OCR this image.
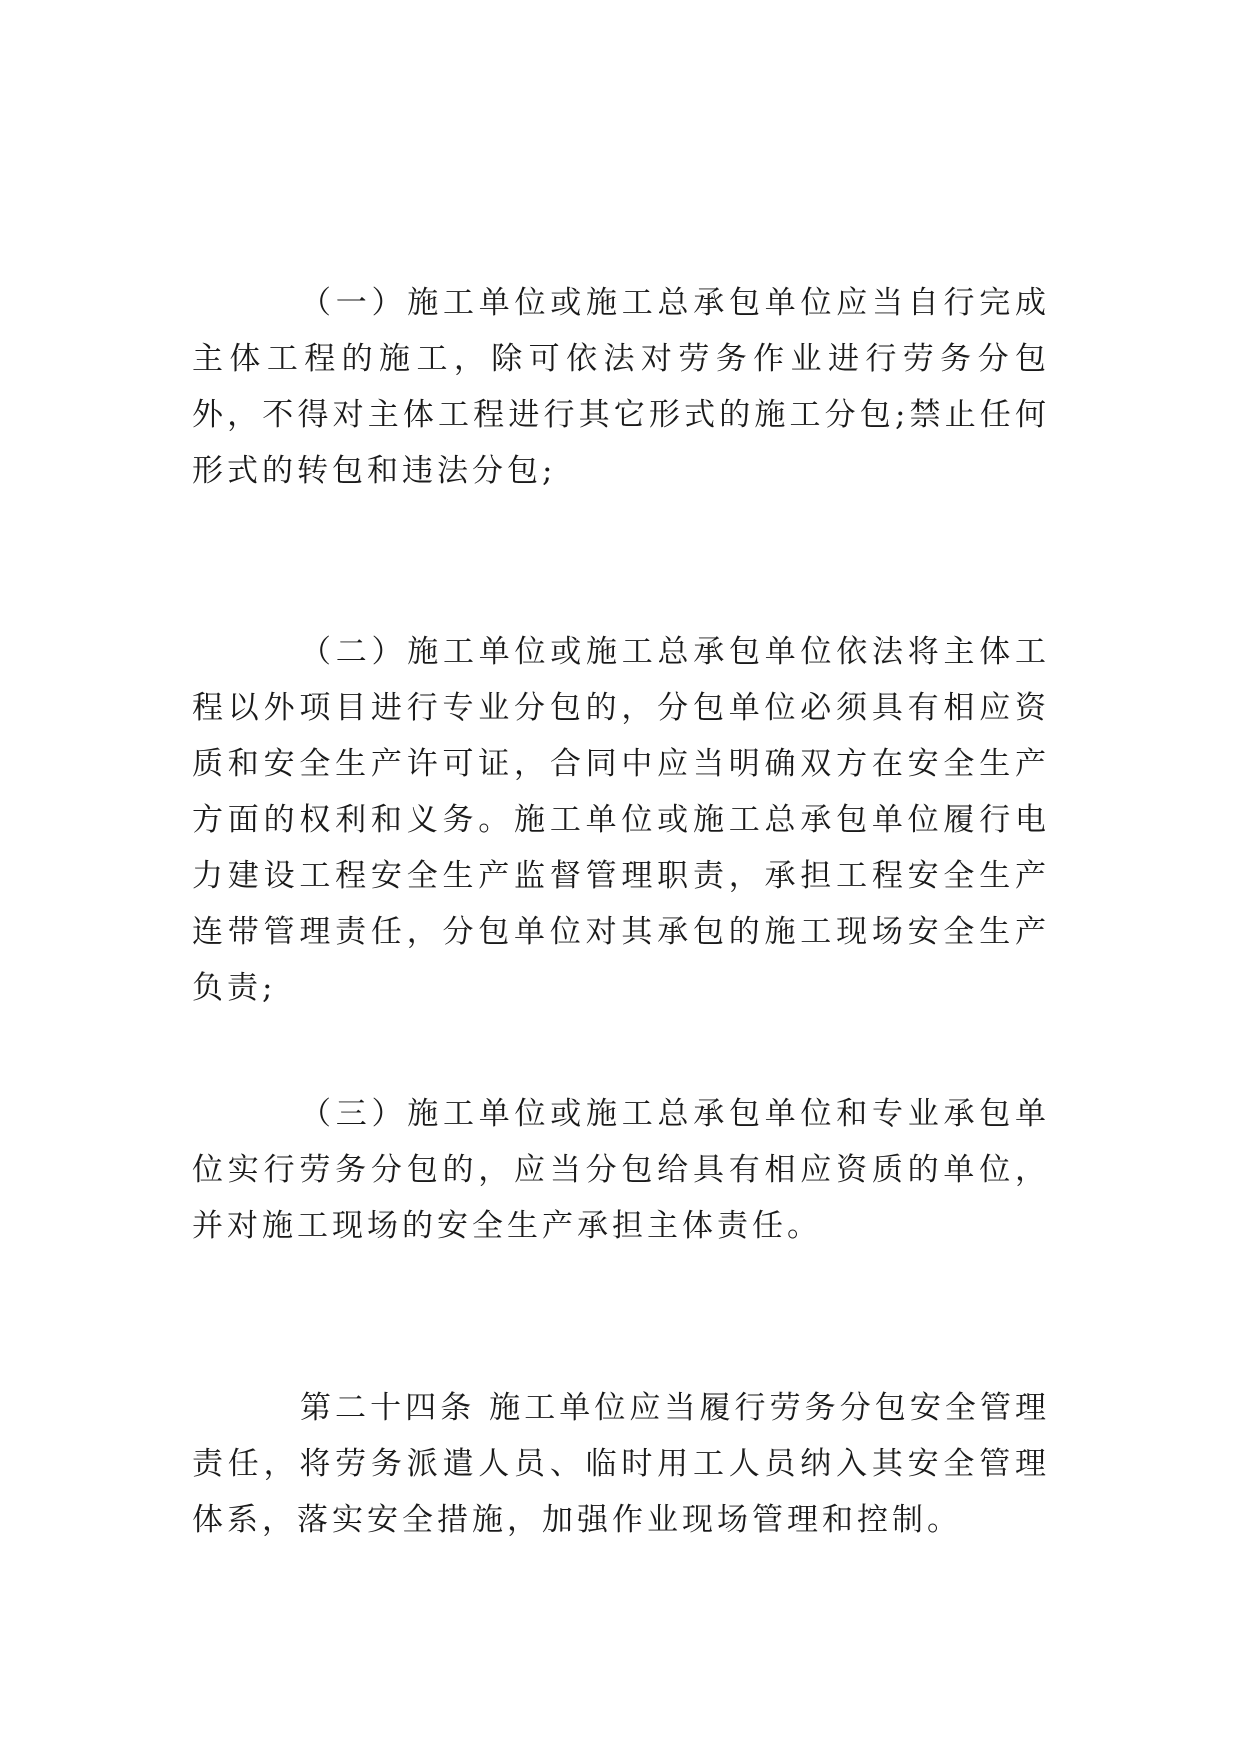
（一）施工单位或施工总承包单位应当自行完成主体工程的施工，除可依法对劳务作业进行劳务分包外，不得对主体工程进行其它形式的施工分包;禁止任何形式的转包和违法分包;

（二）施工单位或施工总承包单位依法将主体工程以外项目进行专业分包的，分包单位必须具有相应资质和安全生产许可证，合同中应当明确双方在安全生产方面的权利和义务。施工单位或施工总承包单位履行电力建设工程安全生产监督管理职责，承担工程安全生产连带管理责任，分包单位对其承包的施工现场安全生产负责;

（三）施工单位或施工总承包单位和专业承包单位实行劳务分包的，应当分包给具有相应资质的单位，并对施工现场的安全生产承担主体责任。

第二十四条 施工单位应当履行劳务分包安全管理责任，将劳务派遣人员、临时用工人员纳入其安全管理体系，落实安全措施，加强作业现场管理和控制。
